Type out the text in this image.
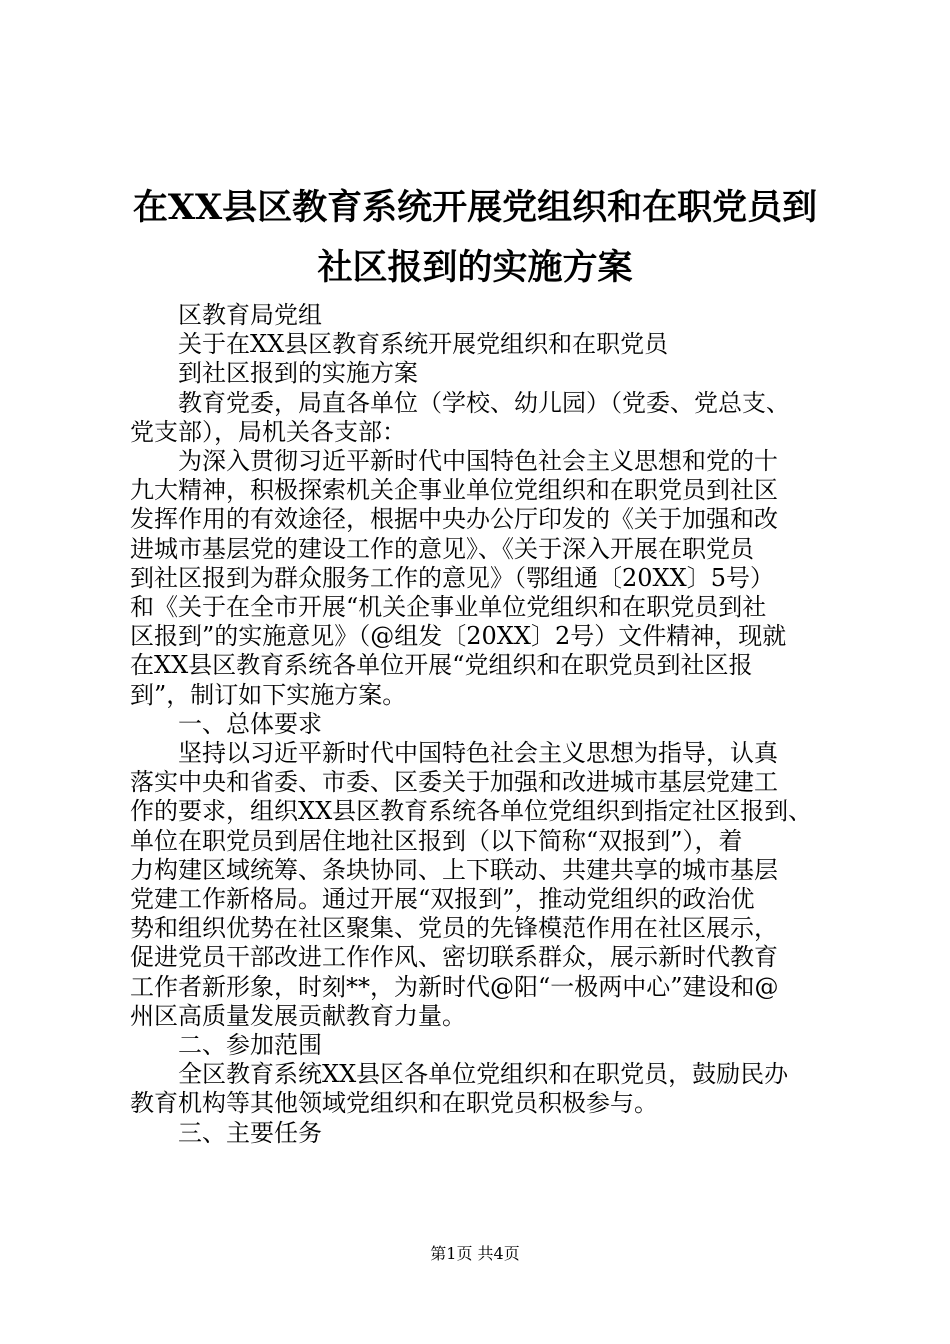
在XX县区教育系统开展党组织和在职党员到
社区报到的实施方案
　　区教育局党组
　　关于在XX县区教育系统开展党组织和在职党员
　　到社区报到的实施方案
　　教育党委，局直各单位（学校、幼儿园）（党委、党总支、
党支部），局机关各支部：
　　为深入贯彻习近平新时代中国特色社会主义思想和党的十
九大精神，积极探索机关企事业单位党组织和在职党员到社区
发挥作用的有效途径，根据中央办公厅印发的《关于加强和改
进城市基层党的建设工作的意见》、《关于深入开展在职党员
到社区报到为群众服务工作的意见》（鄂组通〔20XX〕5号）
和《关于在全市开展“机关企事业单位党组织和在职党员到社
区报到”的实施意见》（@组发〔20XX〕2号）文件精神，现就
在XX县区教育系统各单位开展“党组织和在职党员到社区报
到”，制订如下实施方案。
　　一、总体要求
　　坚持以习近平新时代中国特色社会主义思想为指导，认真
落实中央和省委、市委、区委关于加强和改进城市基层党建工
作的要求，组织XX县区教育系统各单位党组织到指定社区报到、
单位在职党员到居住地社区报到（以下简称“双报到”），着
力构建区域统筹、条块协同、上下联动、共建共享的城市基层
党建工作新格局。通过开展“双报到”，推动党组织的政治优
势和组织优势在社区聚集、党员的先锋模范作用在社区展示，
促进党员干部改进工作作风、密切联系群众，展示新时代教育
工作者新形象，时刻**，为新时代@阳“一极两中心”建设和@
州区高质量发展贡献教育力量。
　　二、参加范围
　　全区教育系统XX县区各单位党组织和在职党员，鼓励民办
教育机构等其他领域党组织和在职党员积极参与。
　　三、主要任务
第1页 共4页
